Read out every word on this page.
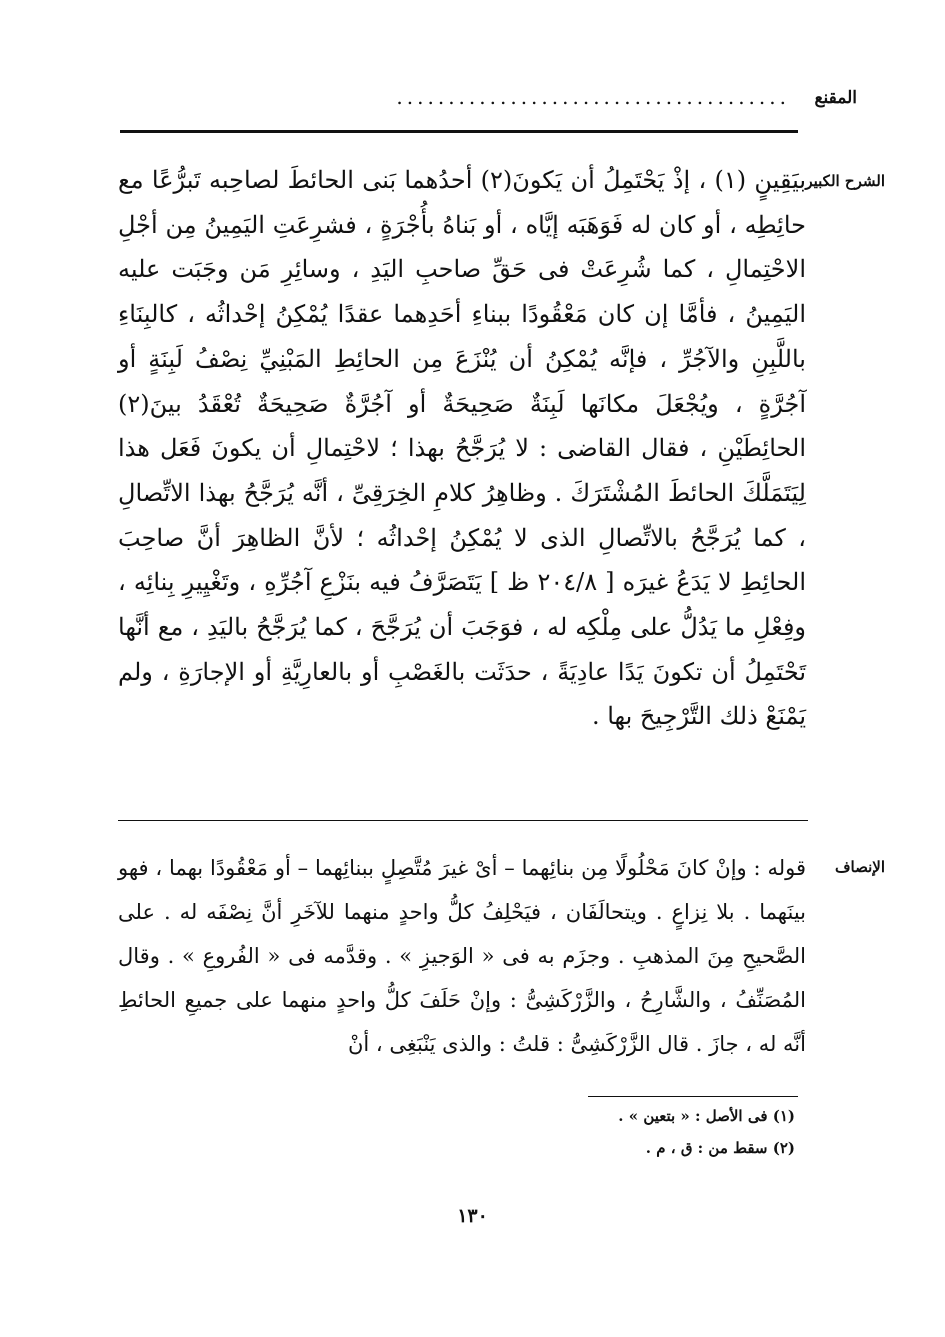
المقنع
......................................
الشرح الكبير

بيَقِينٍ (١) ، إذْ يَحْتَمِلُ أن يَكونَ(٢) أحدُهما بَنى الحائطَ لصاحِبه تَبرُّعًا مع حائِطِه ، أو كان له فَوَهَبَه إيَّاه ، أو بَناهُ بأُجْرَةٍ ، فشرِعَتِ اليَمِينُ مِن أجْلِ الاحْتِمالِ ، كما شُرِعَتْ فى حَقِّ صاحبِ اليَدِ ، وسائِرِ مَن وجَبَت عليه اليَمِينُ ، فأمَّا إن كان مَعْقُودًا ببناءِ أحَدِهما عقدًا يُمْكِنُ إحْداثُه ، كالبِنَاءِ باللَّبِنِ والآجُرِّ ، فإنَّه يُمْكِنُ أن يُنْزَعَ مِن الحائِطِ المَبْنِيِّ نِصْفُ لَبِنَةٍ أو آجُرَّةٍ ، ويُجْعَلَ مكانَها لَبِنَةٌ صَحِيحَةٌ أو آجُرَّةٌ صَحِيحَةٌ تُعْقَدُ بينَ(٢) الحائِطَيْنِ ، فقال القاضى : لا يُرَجَّحُ بهذا ؛ لاحْتِمالِ أن يكونَ فَعَل هذا لِيَتَمَلَّكَ الحائطَ المُشْتَرَكَ . وظاهِرُ كلامِ الخِرَقِىِّ ، أنَّه يُرَجَّحُ بهذا الاتِّصالِ ، كما يُرَجَّحُ بالاتِّصالِ الذى لا يُمْكِنُ إحْداثُه ؛ لأنَّ الظاهِرَ أنَّ صاحِبَ الحائِطِ لا يَدَعُ غيرَه [ ٢٠٤/٨ ظ ] يَتَصَرَّفُ فيه بنَزْعِ آجُرِّهِ ، وتَغْيِيرِ بِنائِه ، وفِعْلِ ما يَدُلُّ على مِلْكِه له ، فوَجَبَ أن يُرَجَّحَ ، كما يُرَجَّحُ باليَدِ ، مع أنَّها تَحْتَمِلُ أن تكونَ يَدًا عادِيَةً ، حدَثَت بالغَصْبِ أو بالعارِيَّةِ أو الإجارَةِ ، ولم يَمْنَعْ ذلك التَّرْجِيحَ بها .

الإنصاف

قوله : وإنْ كانَ مَحْلُولًا مِن بنائِهما – أىْ غيرَ مُتَّصِلٍ ببنائِهما – أو مَعْقُودًا بهما ، فهو بينَهما . بلا نِزاعٍ . ويتحالَفَان ، فيَحْلِفُ كلُّ واحدٍ منهما للآخَرِ أنَّ نِصْفَه له . على الصَّحيحِ مِنَ المذهبِ . وجزَم به فى « الوَجيزِ » . وقدَّمه فى « الفُروعِ » . وقال المُصَنِّفُ ، والشَّارِحُ ، والزَّرْكَشِىُّ : وإنْ حَلَفَ كلُّ واحدٍ منهما على جميعِ الحائطِ أنَّه له ، جازَ . قال الزَّرْكَشِىُّ : قلتُ : والذى يَنْبَغِى ، أنْ

(١) فى الأصل : « بتعين » .
(٢) سقط من : ق ، م .
١٣٠
